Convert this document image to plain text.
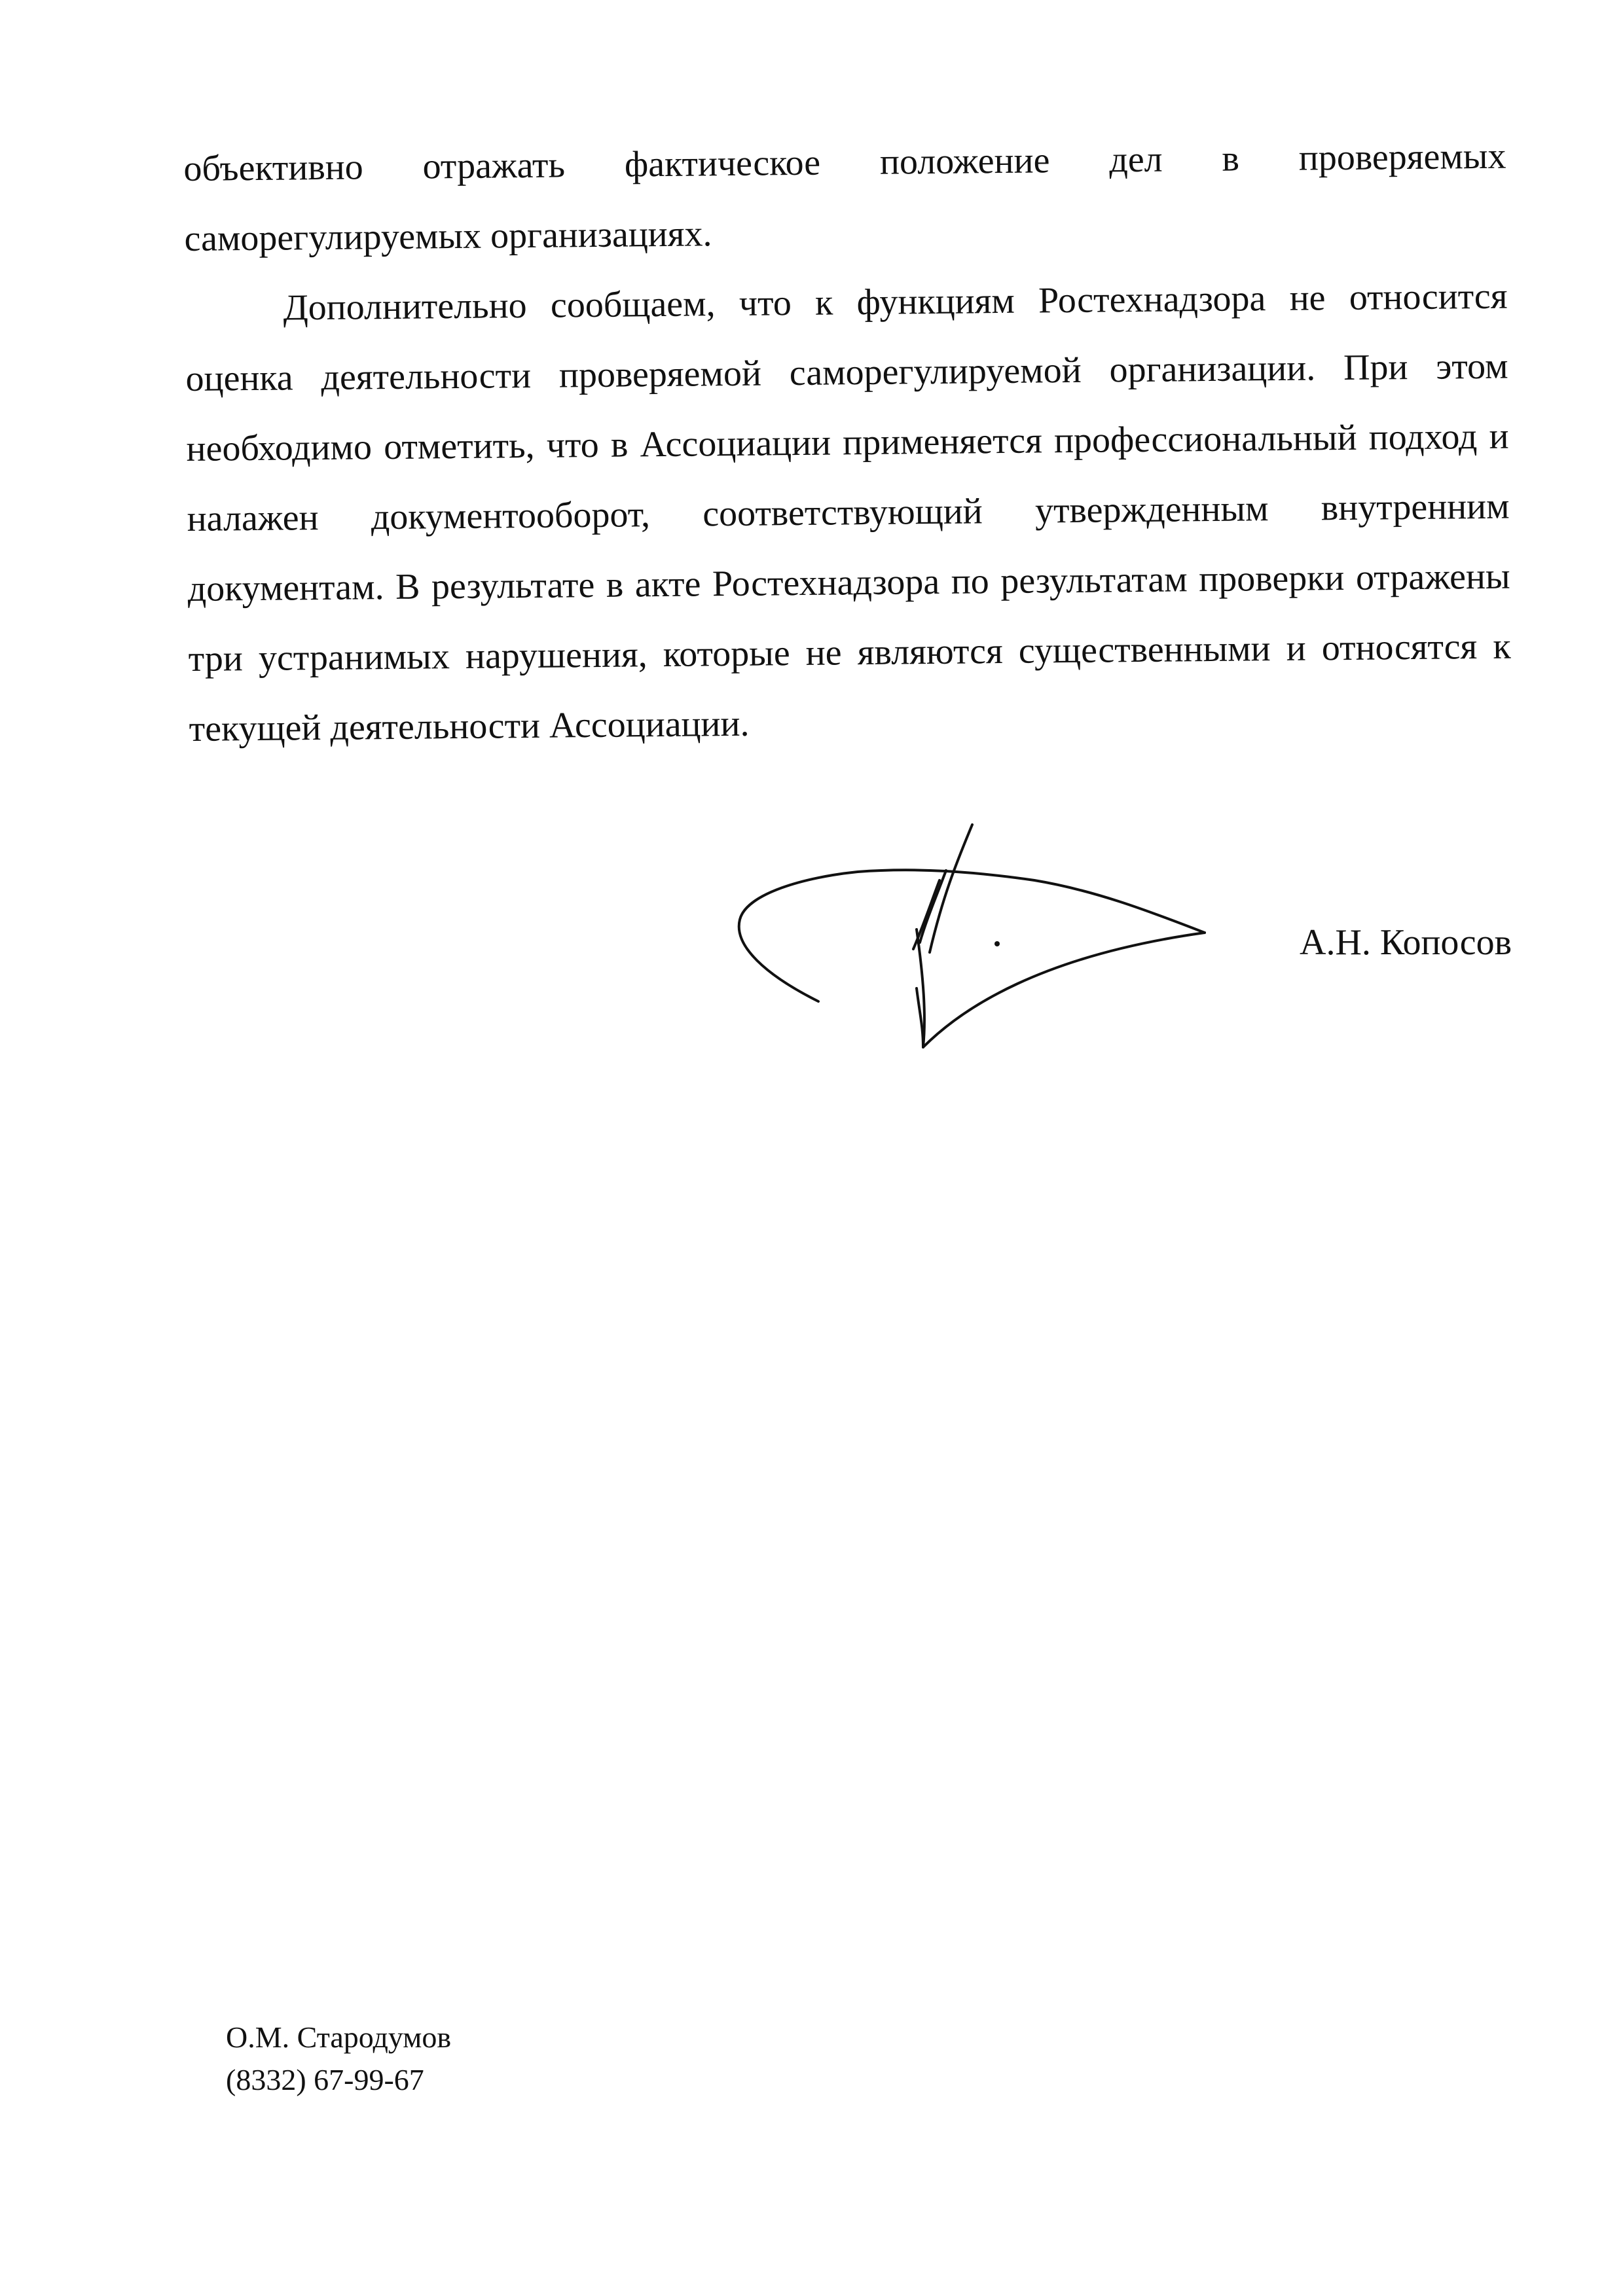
объективно отражать фактическое положение дел в проверяемых саморегулируемых организациях.

Дополнительно сообщаем, что к функциям Ростехнадзора не относится оценка деятельности проверяемой саморегулируемой организации. При этом необходимо отметить, что в Ассоциации применяется профессиональный подход и налажен документооборот, соответствующий утвержденным внутренним документам. В результате в акте Ростехнадзора по результатам проверки отражены три устранимых нарушения, которые не являются существенными и относятся к текущей деятельности Ассоциации.

А.Н. Копосов
О.М. Стародумов
(8332) 67-99-67
